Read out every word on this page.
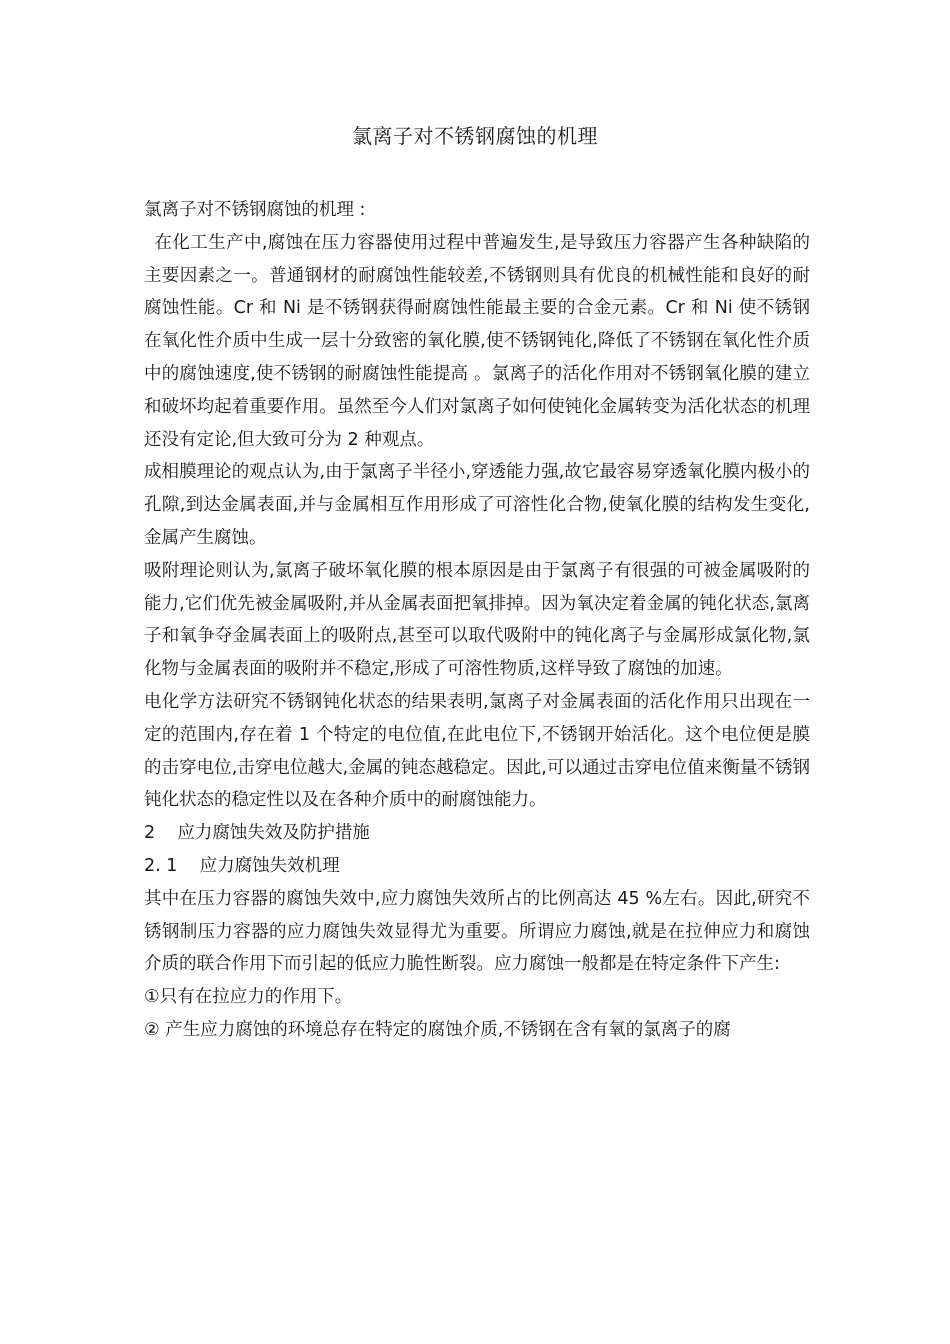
氯离子对不锈钢腐蚀的机理

氯离子对不锈钢腐蚀的机理 :

在化工生产中,腐蚀在压力容器使用过程中普遍发生,是导致压力容器产生各种缺陷的主要因素之一。普通钢材的耐腐蚀性能较差,不锈钢则具有优良的机械性能和良好的耐腐蚀性能。Cr 和 Ni 是不锈钢获得耐腐蚀性能最主要的合金元素。Cr 和 Ni 使不锈钢在氧化性介质中生成一层十分致密的氧化膜,使不锈钢钝化,降低了不锈钢在氧化性介质中的腐蚀速度,使不锈钢的耐腐蚀性能提高 。氯离子的活化作用对不锈钢氧化膜的建立和破坏均起着重要作用。虽然至今人们对氯离子如何使钝化金属转变为活化状态的机理还没有定论,但大致可分为 2 种观点。

成相膜理论的观点认为,由于氯离子半径小,穿透能力强,故它最容易穿透氧化膜内极小的孔隙,到达金属表面,并与金属相互作用形成了可溶性化合物,使氧化膜的结构发生变化,金属产生腐蚀。

吸附理论则认为,氯离子破坏氧化膜的根本原因是由于氯离子有很强的可被金属吸附的能力,它们优先被金属吸附,并从金属表面把氧排掉。因为氧决定着金属的钝化状态,氯离子和氧争夺金属表面上的吸附点,甚至可以取代吸附中的钝化离子与金属形成氯化物,氯化物与金属表面的吸附并不稳定,形成了可溶性物质,这样导致了腐蚀的加速。

电化学方法研究不锈钢钝化状态的结果表明,氯离子对金属表面的活化作用只出现在一定的范围内,存在着 1 个特定的电位值,在此电位下,不锈钢开始活化。这个电位便是膜的击穿电位,击穿电位越大,金属的钝态越稳定。因此,可以通过击穿电位值来衡量不锈钢钝化状态的稳定性以及在各种介质中的耐腐蚀能力。

2    应力腐蚀失效及防护措施

2. 1    应力腐蚀失效机理

其中在压力容器的腐蚀失效中,应力腐蚀失效所占的比例高达 45 %左右。因此,研究不锈钢制压力容器的应力腐蚀失效显得尤为重要。所谓应力腐蚀,就是在拉伸应力和腐蚀介质的联合作用下而引起的低应力脆性断裂。应力腐蚀一般都是在特定条件下产生:

①只有在拉应力的作用下。

② 产生应力腐蚀的环境总存在特定的腐蚀介质,不锈钢在含有氧的氯离子的腐
